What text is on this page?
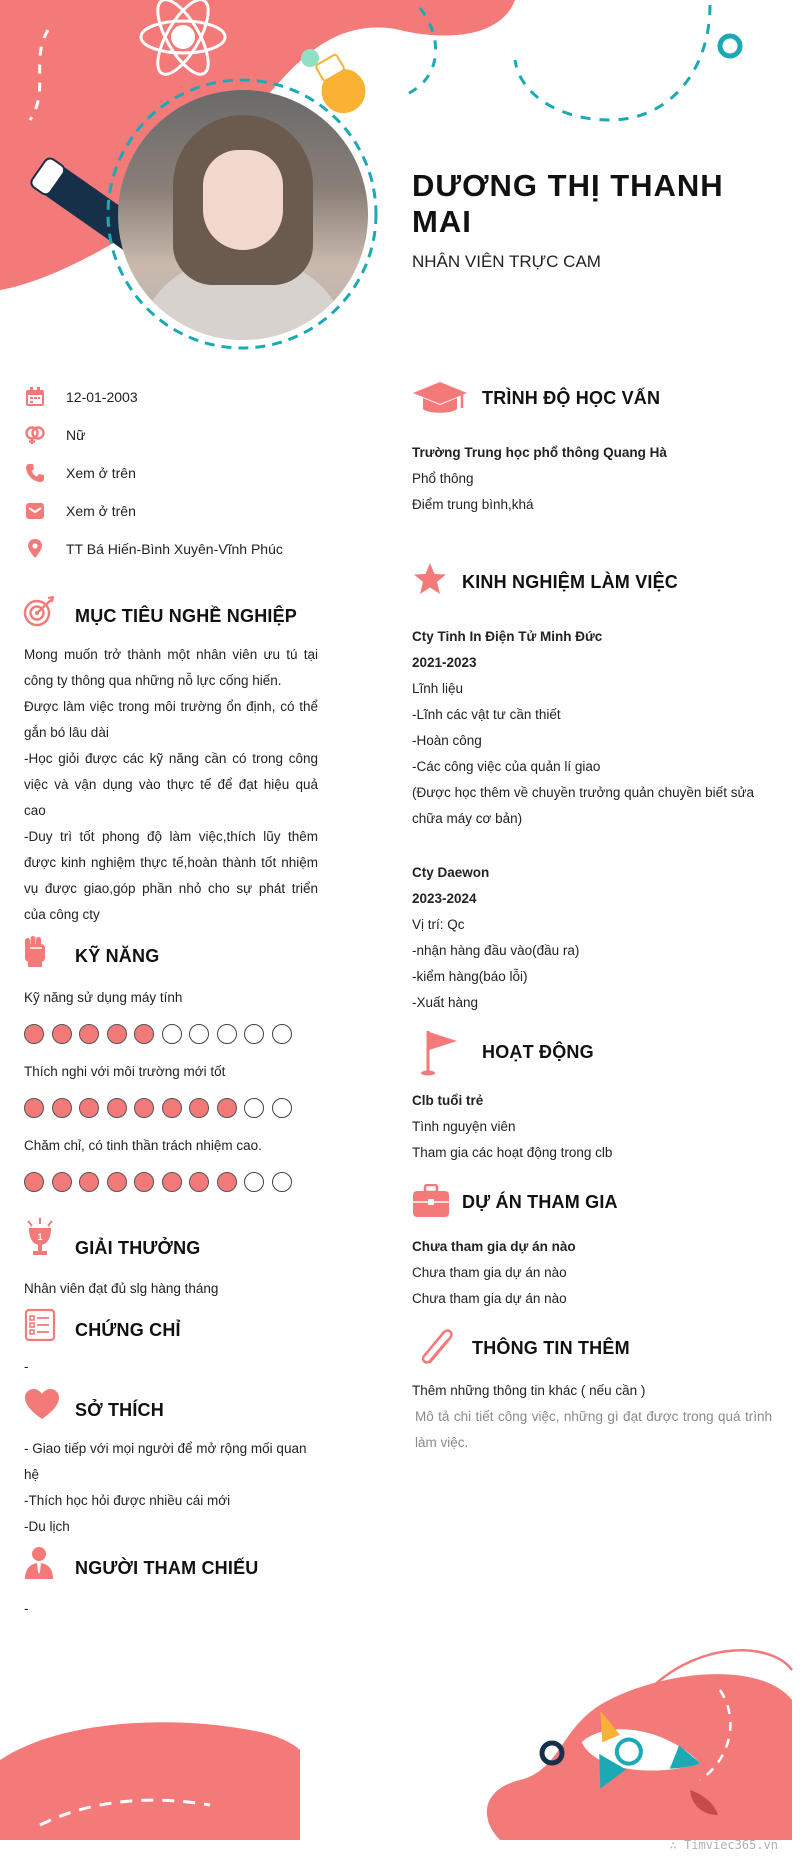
DƯƠNG THỊ THANH MAI
NHÂN VIÊN TRỰC CAM
12-01-2003
Nữ
Xem ở trên
Xem ở trên
TT Bá Hiến-Bình Xuyên-Vĩnh Phúc
MỤC TIÊU NGHỀ NGHIỆP

Mong muốn trở thành một nhân viên ưu tú tại công ty thông qua những nỗ lực cống hiến.

Được làm việc trong môi trường ổn định, có thể gắn bó lâu dài

-Học giỏi được các kỹ năng cần có trong công việc và vận dụng vào thực tế để đạt hiệu quả cao

-Duy trì tốt phong độ làm việc,thích lũy thêm được kinh nghiệm thực tế,hoàn thành tốt nhiệm vụ được giao,góp phần nhỏ cho sự phát triển của công cty

KỸ NĂNG
Kỹ năng sử dụng máy tính
Thích nghi với môi trường mới tốt
Chăm chỉ, có tinh thần trách nhiệm cao.
1
GIẢI THƯỞNG
Nhân viên đạt đủ slg hàng tháng
CHỨNG CHỈ
-
SỞ THÍCH

- Giao tiếp với mọi người để mở rộng mối quan hệ

-Thích học hỏi được nhiều cái mới

-Du lịch

NGƯỜI THAM CHIẾU
-
TRÌNH ĐỘ HỌC VẤN

Trường Trung học phổ thông Quang Hà

Phổ thông

Điểm trung bình,khá

KINH NGHIỆM LÀM VIỆC

Cty Tinh In Điện Tử Minh Đức

2021-2023

Lĩnh liệu

-Lĩnh các vật tư cần thiết

-Hoàn công

-Các công việc của quản lí giao

(Được học thêm về chuyền trưởng quản chuyền biết sửa chữa máy cơ bản)

Cty Daewon

2023-2024

Vị trí: Qc

-nhận hàng đầu vào(đầu ra)

-kiểm hàng(báo lỗi)

-Xuất hàng

HOẠT ĐỘNG

Clb tuổi trẻ

Tình nguyện viên

Tham gia các hoạt động trong clb

DỰ ÁN THAM GIA

Chưa tham gia dự án nào

Chưa tham gia dự án nào

Chưa tham gia dự án nào

THÔNG TIN THÊM

Thêm những thông tin khác ( nếu cần )

Mô tả chi tiết công việc, những gì đạt được trong quá trình làm việc.

∴ Timviec365.vn
